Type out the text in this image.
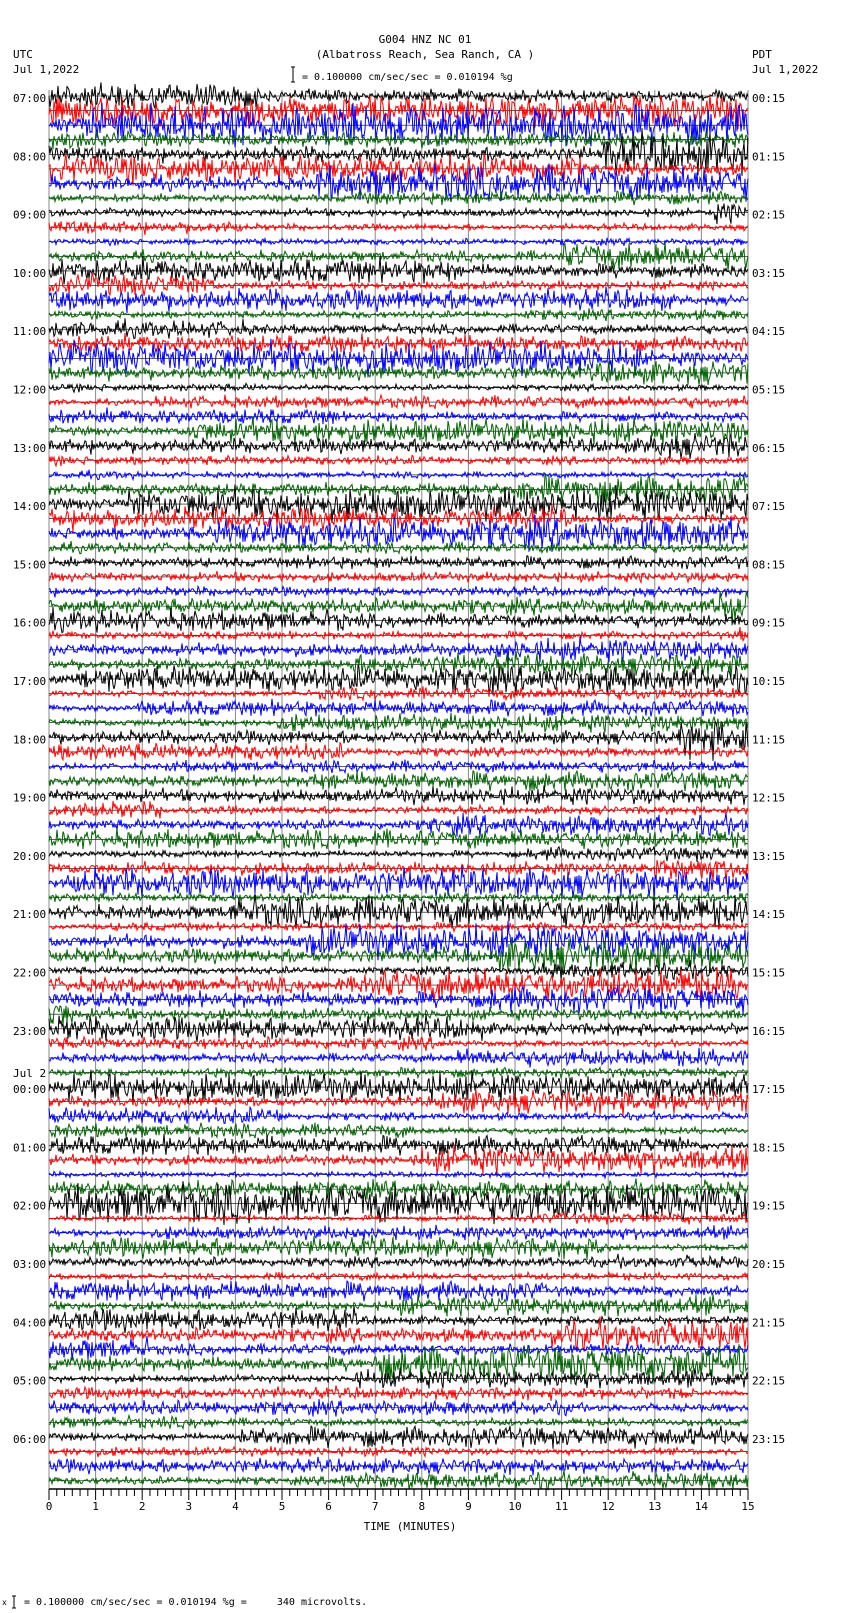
G004 HNZ NC 01
(Albatross Reach, Sea Ranch, CA )
UTC
Jul 1,2022
PDT
Jul 1,2022
= 0.100000 cm/sec/sec = 0.010194 %g
07:00	00:15
08:00	01:15
09:00	02:15
10:00	03:15
11:00	04:15
12:00	05:15
13:00	06:15
14:00	07:15
15:00	08:15
16:00	09:15
17:00	10:15
18:00	11:15
19:00	12:15
20:00	13:15
21:00	14:15
22:00	15:15
23:00	16:15
00:00	17:15
01:00	18:15
02:00	19:15
03:00	20:15
04:00	21:15
05:00	22:15
06:00	23:15
Jul 2
0	1	2	3	4	5	6	7	8	9	10	11	12	13	14	15
TIME (MINUTES)
x = 0.100000 cm/sec/sec = 0.010194 %g =     340 microvolts.
